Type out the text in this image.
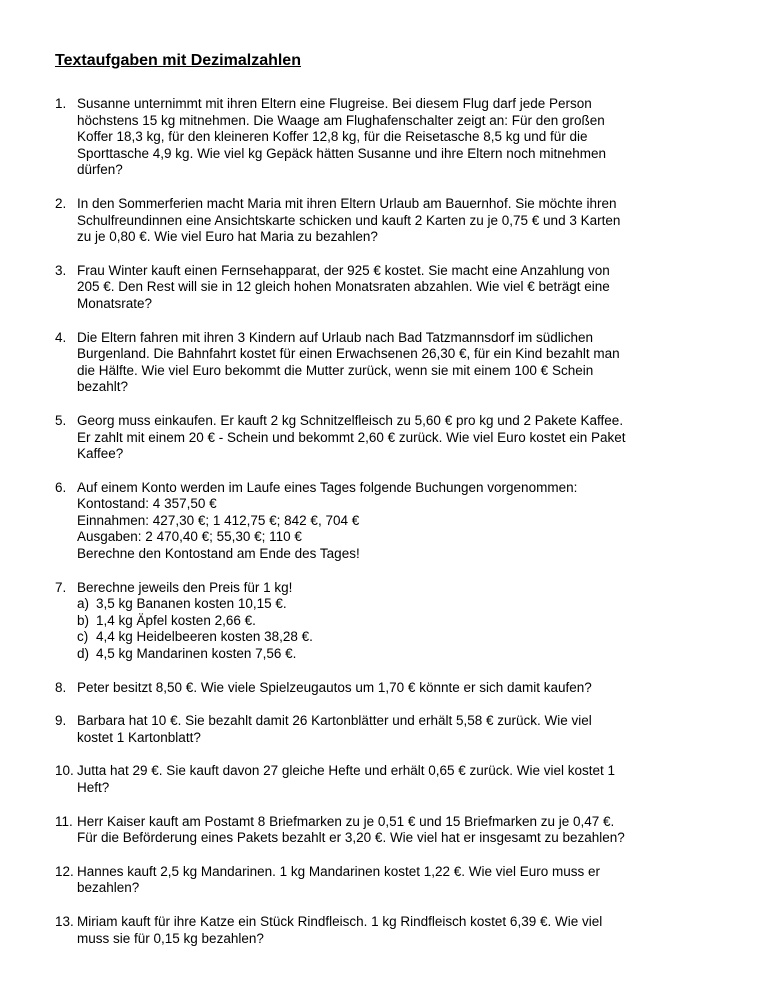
Textaufgaben mit Dezimalzahlen
1. Susanne unternimmt mit ihren Eltern eine Flugreise. Bei diesem Flug darf jede Person
höchstens 15 kg mitnehmen. Die Waage am Flughafenschalter zeigt an: Für den großen
Koffer 18,3 kg, für den kleineren Koffer 12,8 kg, für die Reisetasche 8,5 kg und für die
Sporttasche 4,9 kg. Wie viel kg Gepäck hätten Susanne und ihre Eltern noch mitnehmen
dürfen?
2. In den Sommerferien macht Maria mit ihren Eltern Urlaub am Bauernhof. Sie möchte ihren
Schulfreundinnen eine Ansichtskarte schicken und kauft 2 Karten zu je 0,75 € und 3 Karten
zu je 0,80 €. Wie viel Euro hat Maria zu bezahlen?
3. Frau Winter kauft einen Fernsehapparat, der 925 € kostet. Sie macht eine Anzahlung von
205 €. Den Rest will sie in 12 gleich hohen Monatsraten abzahlen. Wie viel € beträgt eine
Monatsrate?
4. Die Eltern fahren mit ihren 3 Kindern auf Urlaub nach Bad Tatzmannsdorf im südlichen
Burgenland. Die Bahnfahrt kostet für einen Erwachsenen 26,30 €, für ein Kind bezahlt man
die Hälfte. Wie viel Euro bekommt die Mutter zurück, wenn sie mit einem 100 € Schein
bezahlt?
5. Georg muss einkaufen. Er kauft 2 kg Schnitzelfleisch zu 5,60 € pro kg und 2 Pakete Kaffee.
Er zahlt mit einem 20 € - Schein und bekommt 2,60 € zurück. Wie viel Euro kostet ein Paket
Kaffee?
6. Auf einem Konto werden im Laufe eines Tages folgende Buchungen vorgenommen:
Kontostand: 4 357,50 €
Einnahmen: 427,30 €; 1 412,75 €; 842 €, 704 €
Ausgaben: 2 470,40 €; 55,30 €; 110 €
Berechne den Kontostand am Ende des Tages!
7. Berechne jeweils den Preis für 1 kg!
a) 3,5 kg Bananen kosten 10,15 €.
b) 1,4 kg Äpfel kosten 2,66 €.
c) 4,4 kg Heidelbeeren kosten 38,28 €.
d) 4,5 kg Mandarinen kosten 7,56 €.
8. Peter besitzt 8,50 €. Wie viele Spielzeugautos um 1,70 € könnte er sich damit kaufen?
9. Barbara hat 10 €. Sie bezahlt damit 26 Kartonblätter und erhält 5,58 € zurück. Wie viel
kostet 1 Kartonblatt?
10. Jutta hat 29 €. Sie kauft davon 27 gleiche Hefte und erhält 0,65 € zurück. Wie viel kostet 1
Heft?
11. Herr Kaiser kauft am Postamt 8 Briefmarken zu je 0,51 € und 15 Briefmarken zu je 0,47 €.
Für die Beförderung eines Pakets bezahlt er 3,20 €. Wie viel hat er insgesamt zu bezahlen?
12. Hannes kauft 2,5 kg Mandarinen. 1 kg Mandarinen kostet 1,22 €. Wie viel Euro muss er
bezahlen?
13. Miriam kauft für ihre Katze ein Stück Rindfleisch. 1 kg Rindfleisch kostet 6,39 €. Wie viel
muss sie für 0,15 kg bezahlen?
